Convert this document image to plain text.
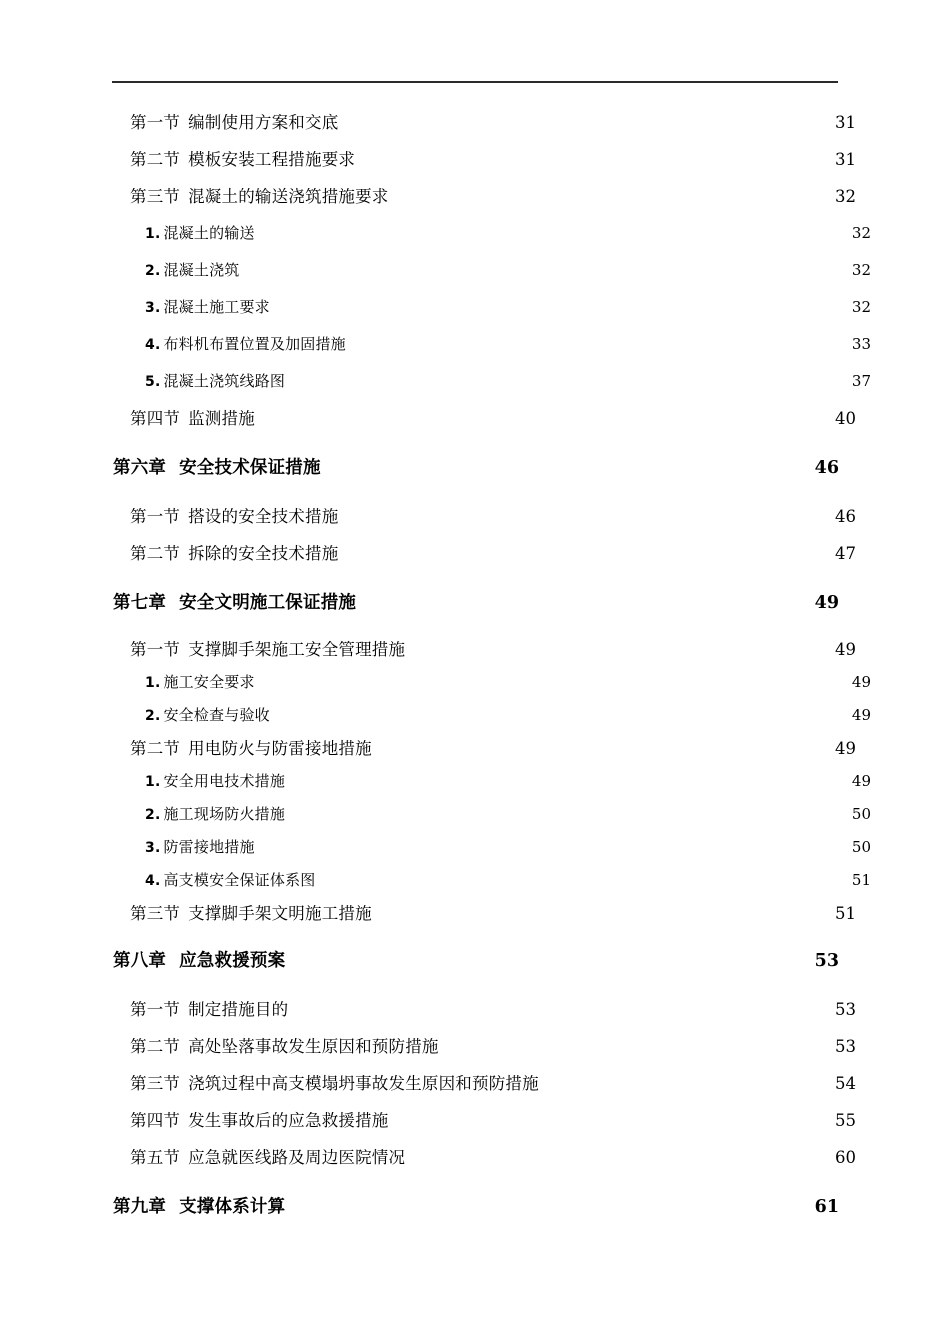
第一节 编制使用方案和交底 .....	31
第二节 模板安装工程措施要求 .....	31
第三节 混凝土的输送浇筑措施要求 .....	32
1. 混凝土的输送 .....	32
2. 混凝土浇筑 .....	32
3. 混凝土施工要求 .....	32
4. 布料机布置位置及加固措施 .....	33
5. 混凝土浇筑线路图 .....	37
第四节 监测措施 .....	40
第六章 安全技术保证措施 .....	46
第一节 搭设的安全技术措施 .....	46
第二节 拆除的安全技术措施 .....	47
第七章 安全文明施工保证措施 .....	49
第一节 支撑脚手架施工安全管理措施 .....	49
1. 施工安全要求 .....	49
2. 安全检查与验收 .....	49
第二节 用电防火与防雷接地措施 .....	49
1. 安全用电技术措施 .....	49
2. 施工现场防火措施 .....	50
3. 防雷接地措施 .....	50
4. 高支模安全保证体系图 .....	51
第三节 支撑脚手架文明施工措施 .....	51
第八章 应急救援预案 .....	53
第一节 制定措施目的 .....	53
第二节 高处坠落事故发生原因和预防措施 .....	53
第三节 浇筑过程中高支模塌坍事故发生原因和预防措施 .....	54
第四节 发生事故后的应急救援措施 .....	55
第五节 应急就医线路及周边医院情况 .....	60
第九章 支撑体系计算 .....	61
